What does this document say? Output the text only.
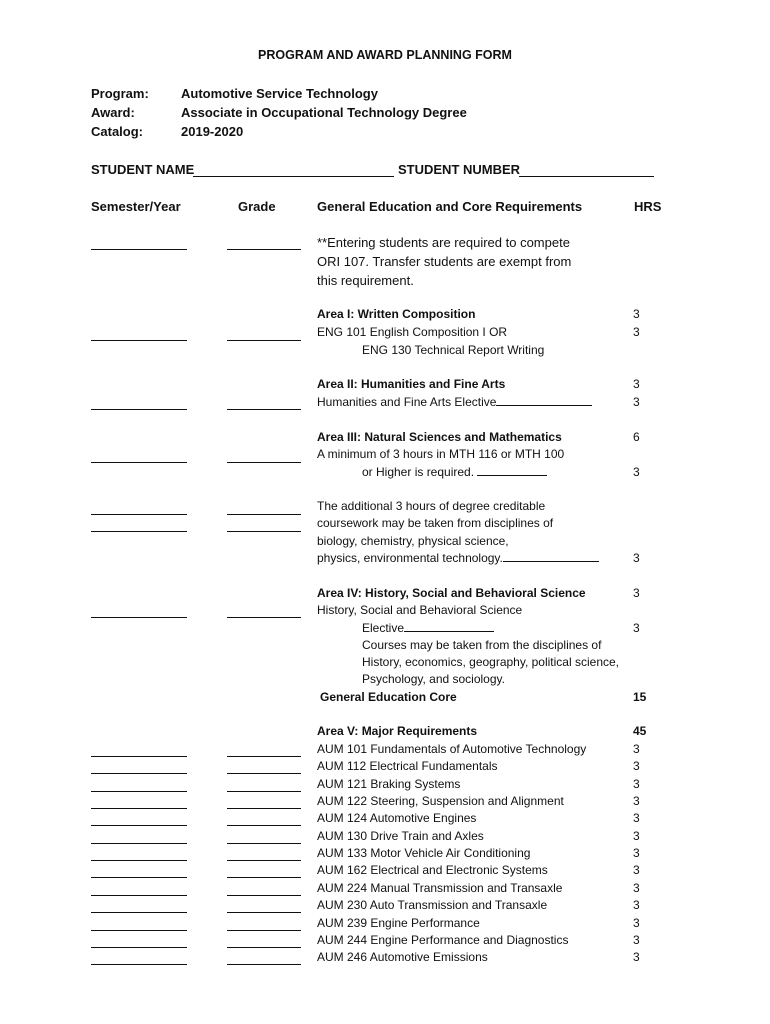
PROGRAM AND AWARD PLANNING FORM
Program: Automotive Service Technology
Award:	Associate in Occupational Technology Degree
Catalog:	2019-2020
STUDENT NAME	STUDENT NUMBER
Semester/Year	Grade	General Education and Core Requirements	HRS
**Entering students are required to compete ORI 107. Transfer students are exempt from this requirement.
Area I: Written Composition	3
ENG 101 English Composition I OR	3
ENG 130 Technical Report Writing
Area II: Humanities and Fine Arts	3
Humanities and Fine Arts Elective	3
Area III: Natural Sciences and Mathematics	6
A minimum of 3 hours in MTH 116 or MTH 100
or Higher is required.	3
The additional 3 hours of degree creditable
coursework may be taken from disciplines of
biology, chemistry, physical science,
physics, environmental technology.	3
Area IV: History, Social and Behavioral Science	3
History, Social and Behavioral Science
Elective	3
Courses may be taken from the disciplines of
History, economics, geography, political science,
Psychology, and sociology.
General Education Core	15
Area V: Major Requirements	45
AUM 101 Fundamentals of Automotive Technology	3
AUM 112 Electrical Fundamentals	3
AUM 121 Braking Systems	3
AUM 122 Steering, Suspension and Alignment	3
AUM 124 Automotive Engines	3
AUM 130 Drive Train and Axles	3
AUM 133 Motor Vehicle Air Conditioning	3
AUM 162 Electrical and Electronic Systems	3
AUM 224 Manual Transmission and Transaxle	3
AUM 230 Auto Transmission and Transaxle	3
AUM 239 Engine Performance	3
AUM 244 Engine Performance and Diagnostics	3
AUM 246 Automotive Emissions	3
